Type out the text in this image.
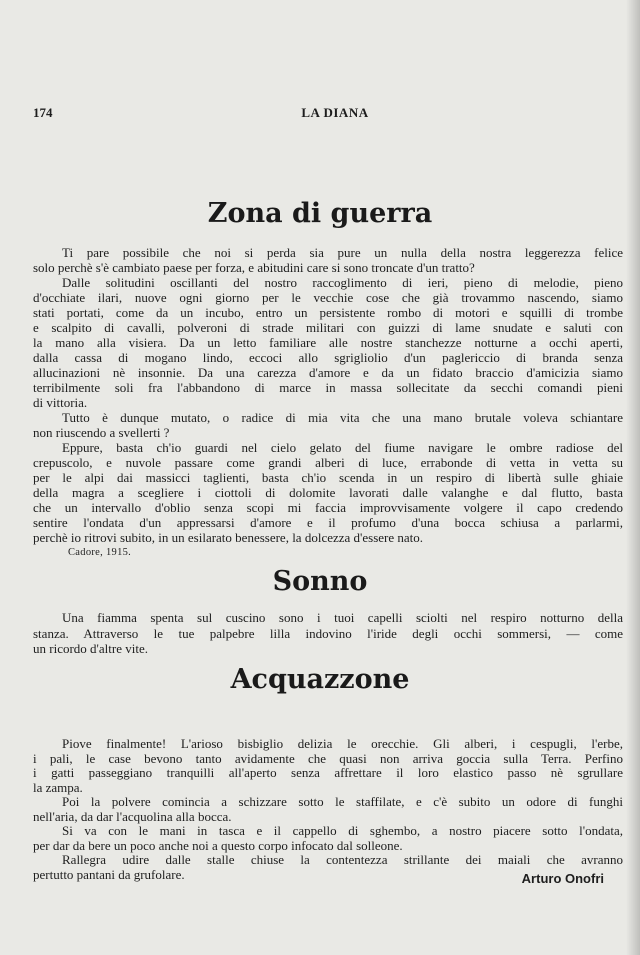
174	LA DIANA
Zona di guerra
Ti pare possibile che noi si perda sia pure un nulla della nostra leggerezza felice
solo perchè s'è cambiato paese per forza, e abitudini care si sono troncate d'un tratto?
Dalle solitudini oscillanti del nostro raccoglimento di ieri, pieno di melodie, pieno
d'occhiate ilari, nuove ogni giorno per le vecchie cose che già trovammo nascendo, siamo
stati portati, come da un incubo, entro un persistente rombo di motori e squilli di trombe
e scalpito di cavalli, polveroni di strade militari con guizzi di lame snudate e saluti con
la mano alla visiera. Da un letto familiare alle nostre stanchezze notturne a occhi aperti,
dalla cassa di mogano lindo, eccoci allo sgrigliolio d'un paglericcio di branda senza
allucinazioni nè insonnie. Da una carezza d'amore e da un fidato braccio d'amicizia siamo
terribilmente soli fra l'abbandono di marce in massa sollecitate da secchi comandi pieni
di vittoria.
Tutto è dunque mutato, o radice di mia vita che una mano brutale voleva schiantare
non riuscendo a svellerti ?
Eppure, basta ch'io guardi nel cielo gelato del fiume navigare le ombre radiose del
crepuscolo, e nuvole passare come grandi alberi di luce, errabonde di vetta in vetta su
per le alpi dai massicci taglienti, basta ch'io scenda in un respiro di libertà sulle ghiaie
della magra a scegliere i ciottoli di dolomite lavorati dalle valanghe e dal flutto, basta
che un intervallo d'oblio senza scopi mi faccia improvvisamente volgere il capo credendo
sentire l'ondata d'un appressarsi d'amore e il profumo d'una bocca schiusa a parlarmi,
perchè io ritrovi subito, in un esilarato benessere, la dolcezza d'essere nato.
Cadore, 1915.
Sonno
Una fiamma spenta sul cuscino sono i tuoi capelli sciolti nel respiro notturno della
stanza. Attraverso le tue palpebre lilla indovino l'iride degli occhi sommersi, — come
un ricordo d'altre vite.
Acquazzone
Piove finalmente! L'arioso bisbiglio delizia le orecchie. Gli alberi, i cespugli, l'erbe,
i pali, le case bevono tanto avidamente che quasi non arriva goccia sulla Terra. Perfino
i gatti passeggiano tranquilli all'aperto senza affrettare il loro elastico passo nè sgrullare
la zampa.
Poi la polvere comincia a schizzare sotto le staffilate, e c'è subito un odore di funghi
nell'aria, da dar l'acquolina alla bocca.
Si va con le mani in tasca e il cappello di sghembo, a nostro piacere sotto l'ondata,
per dar da bere un poco anche noi a questo corpo infocato dal solleone.
Rallegra udire dalle stalle chiuse la contentezza strillante dei maiali che avranno
pertutto pantani da grufolare.	Arturo Onofri
